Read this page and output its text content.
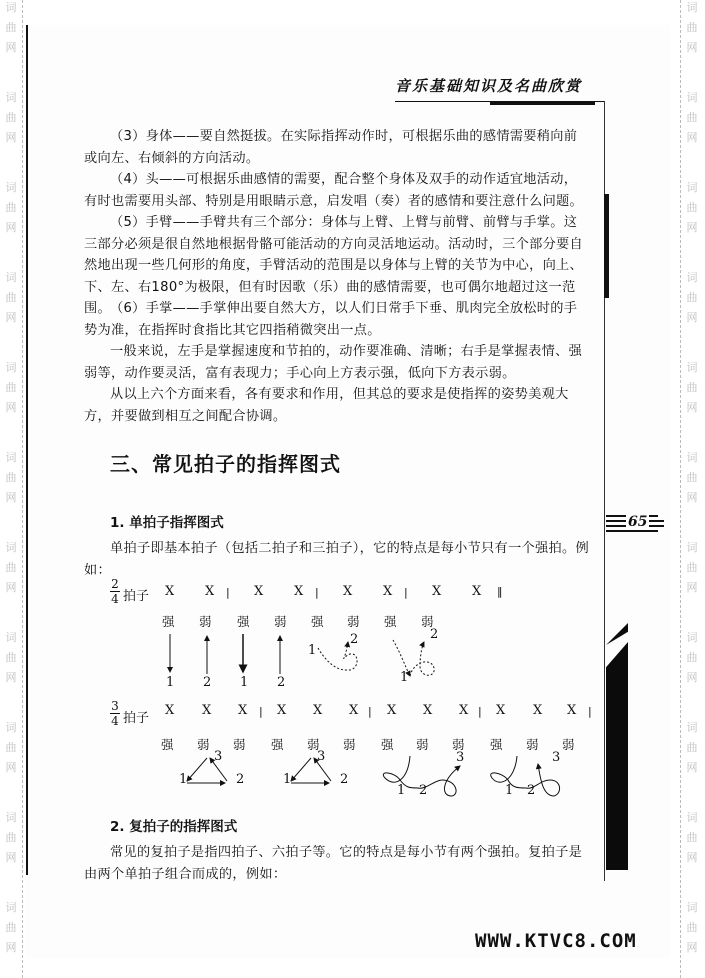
词
曲
网
词
曲
网
词
曲
网
词
曲
网
词
曲
网
词
曲
网
词
曲
网
词
曲
网
词
曲
网
词
曲
网
词
曲
网
词
曲
网
词
曲
网
词
曲
网
词
曲
网
词
曲
网
词
曲
网
词
曲
网
词
曲
网
词
曲
网
词
曲
网
词
曲
网
音乐基础知识及名曲欣赏
65

（3）身体——要自然挺拔。在实际指挥动作时，可根据乐曲的感情需要稍向前或向左、右倾斜的方向活动。

（4）头——可根据乐曲感情的需要，配合整个身体及双手的动作适宜地活动，有时也需要用头部、特别是用眼睛示意，启发唱（奏）者的感情和要注意什么问题。

（5）手臂——手臂共有三个部分：身体与上臂、上臂与前臂、前臂与手掌。这三部分必须是很自然地根据骨骼可能活动的方向灵活地运动。活动时，三个部分要自然地出现一些几何形的角度，手臂活动的范围是以身体与上臂的关节为中心，向上、下、左、右180°为极限，但有时因歌（乐）曲的感情需要，也可偶尔地超过这一范围。 （6）手掌——手掌伸出要自然大方，以人们日常手下垂、肌肉完全放松时的手势为准，在指挥时食指比其它四指稍微突出一点。

一般来说，左手是掌握速度和节拍的，动作要准确、清晰；右手是掌握表情、强弱等，动作要灵活，富有表现力；手心向上方表示强，低向下方表示弱。

从以上六个方面来看，各有要求和作用，但其总的要求是使指挥的姿势美观大方，并要做到相互之间配合协调。

三、常见拍子的指挥图式
1. 单拍子指挥图式

单拍子即基本拍子（包括二拍子和三拍子），它的特点是每小节只有一个强拍。例如：

2
4 拍子 X X	X X	X X	X X
|	|	|	‖
强 弱 强 弱 强 弱 强 弱
1 2 1 2
1
2
1
2
3
4 拍子
X X X X X X X X X X X X
|	|	|	|
强 弱 弱 强 弱 弱 强 弱 弱 强 弱 弱
1	2
3
1	2
3
1 2
3
1 2
3
2. 复拍子的指挥图式

常见的复拍子是指四拍子、六拍子等。它的特点是每小节有两个强拍。复拍子是由两个单拍子组合而成的，例如：

WWW.KTVC8.COM
